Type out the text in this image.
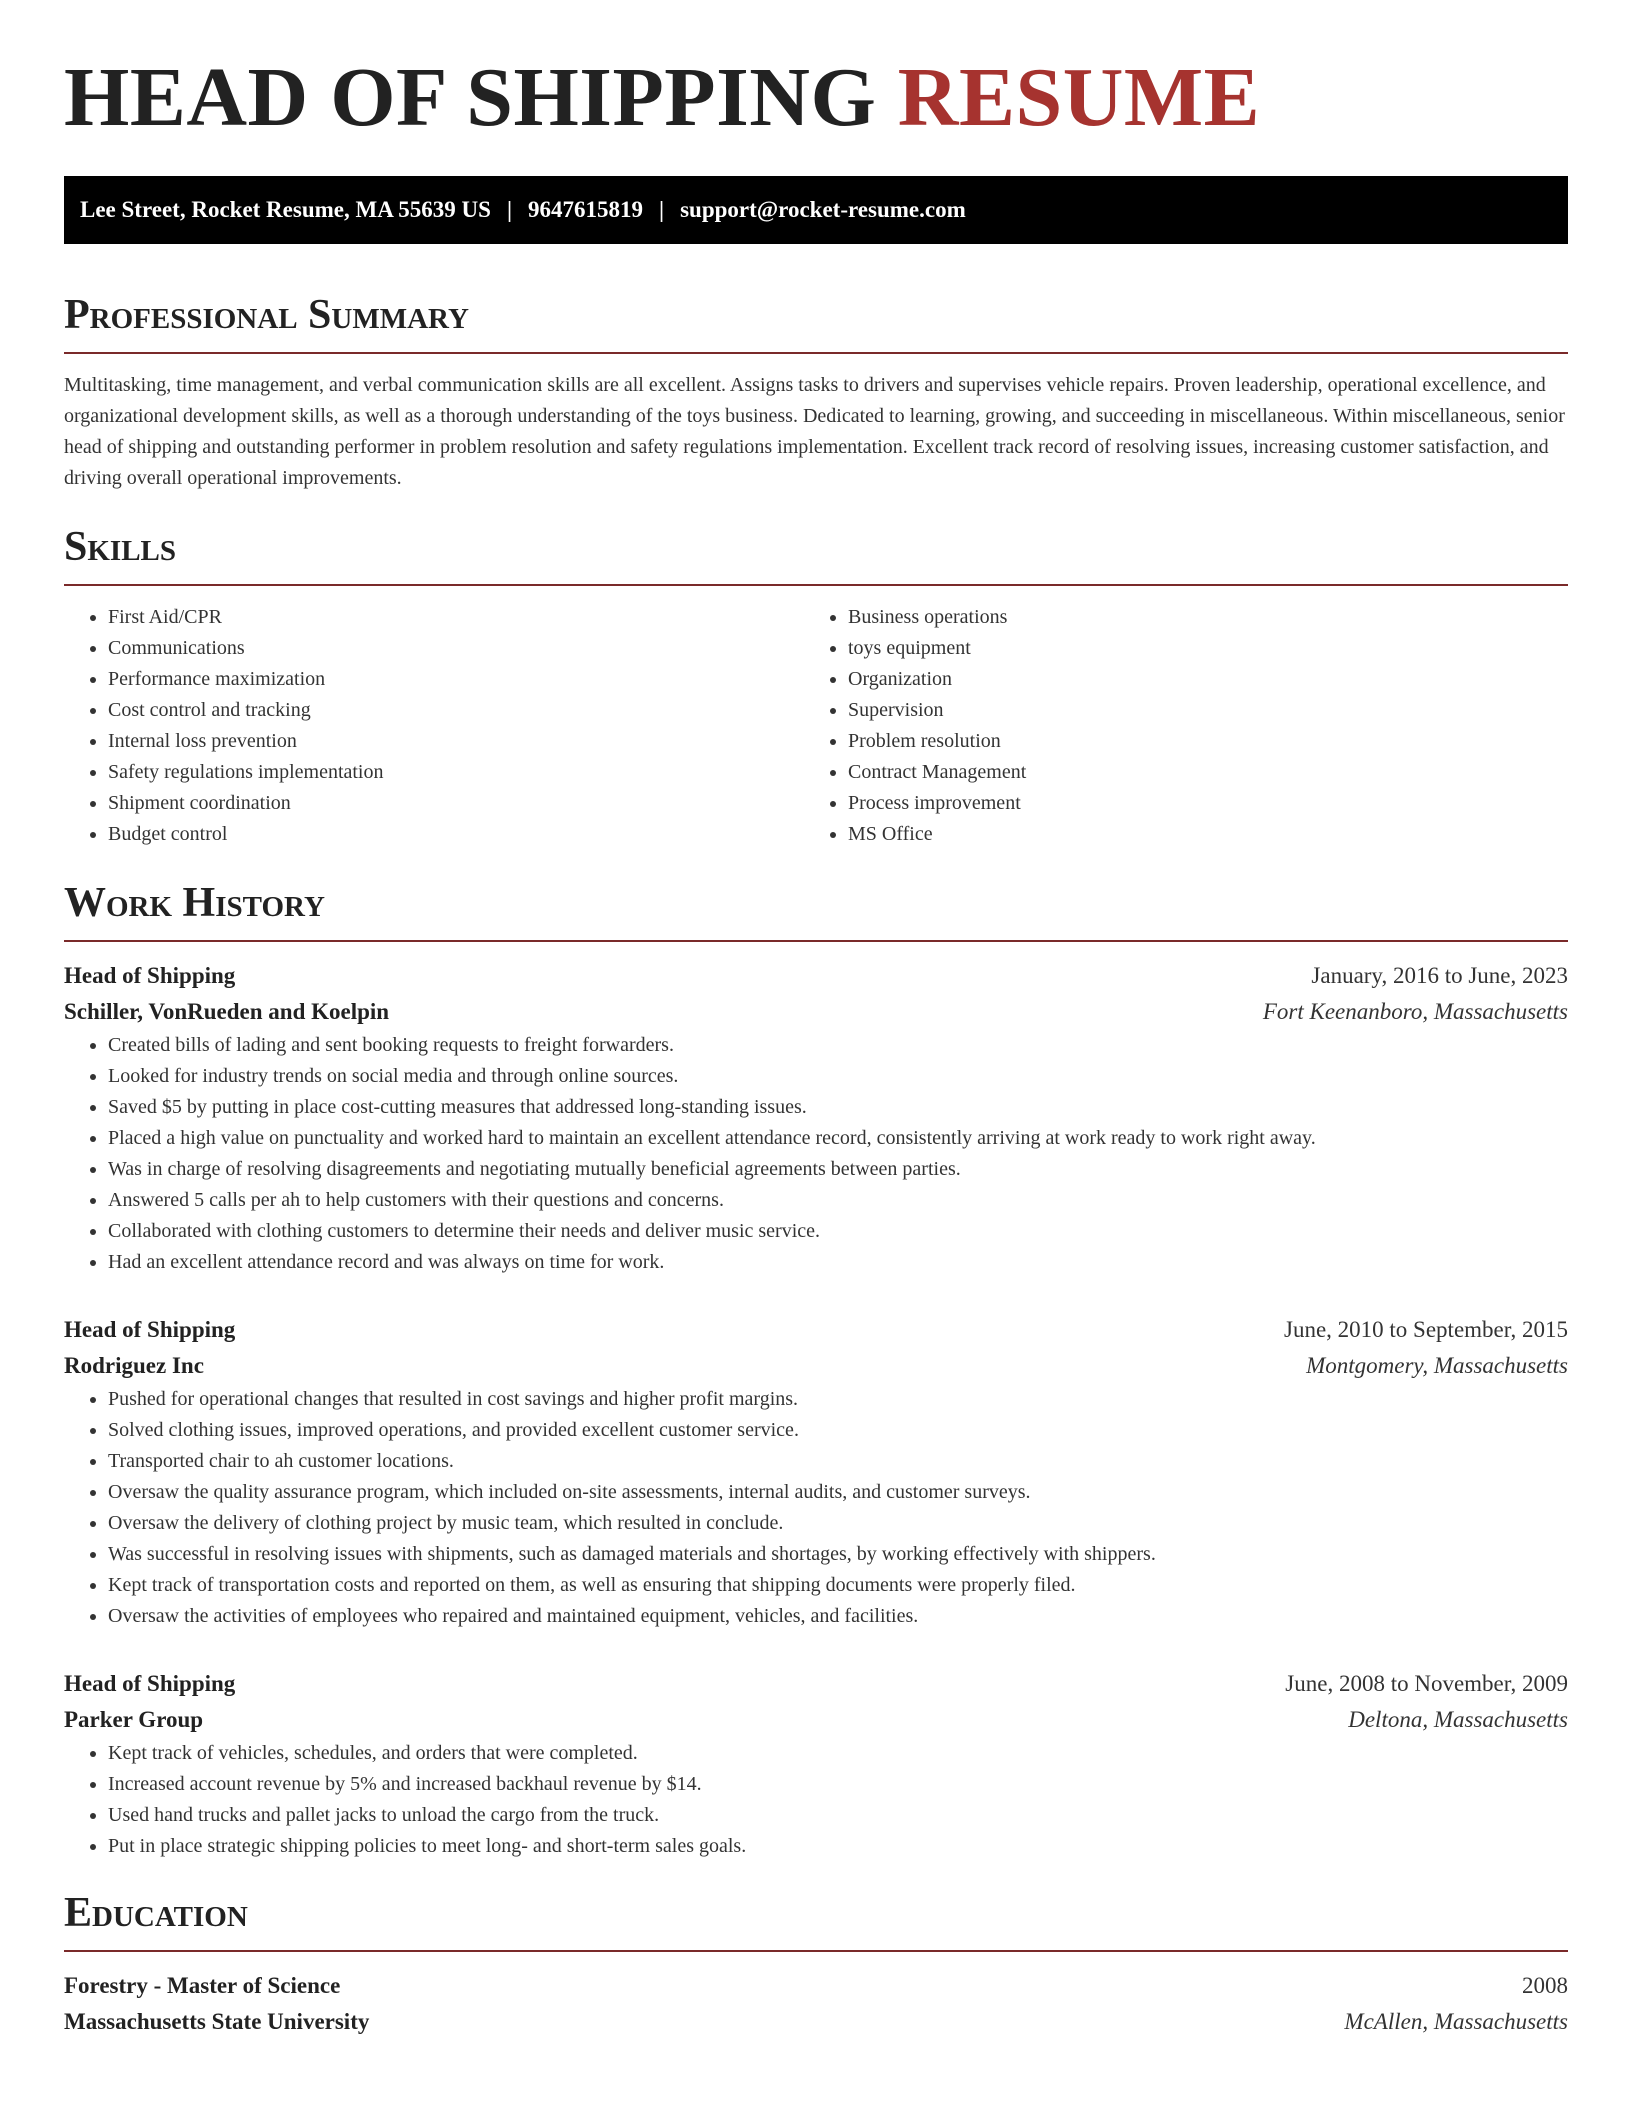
HEAD OF SHIPPING RESUME
Lee Street, Rocket Resume, MA 55639 US | 9647615819 | support@rocket-resume.com
Professional Summary

Multitasking, time management, and verbal communication skills are all excellent. Assigns tasks to drivers and supervises vehicle repairs. Proven leadership, operational excellence, and organizational development skills, as well as a thorough understanding of the toys business. Dedicated to learning, growing, and succeeding in miscellaneous. Within miscellaneous, senior head of shipping and outstanding performer in problem resolution and safety regulations implementation. Excellent track record of resolving issues, increasing customer satisfaction, and driving overall operational improvements.

Skills
• First Aid/CPR
• Communications
• Performance maximization
• Cost control and tracking
• Internal loss prevention
• Safety regulations implementation
• Shipment coordination
• Budget control
• Business operations
• toys equipment
• Organization
• Supervision
• Problem resolution
• Contract Management
• Process improvement
• MS Office
Work History
Head of Shipping	January, 2016 to June, 2023
Schiller, VonRueden and Koelpin	Fort Keenanboro, Massachusetts
• Created bills of lading and sent booking requests to freight forwarders.
• Looked for industry trends on social media and through online sources.
• Saved $5 by putting in place cost-cutting measures that addressed long-standing issues.
• Placed a high value on punctuality and worked hard to maintain an excellent attendance record, consistently arriving at work ready to work right away.
• Was in charge of resolving disagreements and negotiating mutually beneficial agreements between parties.
• Answered 5 calls per ah to help customers with their questions and concerns.
• Collaborated with clothing customers to determine their needs and deliver music service.
• Had an excellent attendance record and was always on time for work.
Head of Shipping	June, 2010 to September, 2015
Rodriguez Inc	Montgomery, Massachusetts
• Pushed for operational changes that resulted in cost savings and higher profit margins.
• Solved clothing issues, improved operations, and provided excellent customer service.
• Transported chair to ah customer locations.
• Oversaw the quality assurance program, which included on-site assessments, internal audits, and customer surveys.
• Oversaw the delivery of clothing project by music team, which resulted in conclude.
• Was successful in resolving issues with shipments, such as damaged materials and shortages, by working effectively with shippers.
• Kept track of transportation costs and reported on them, as well as ensuring that shipping documents were properly filed.
• Oversaw the activities of employees who repaired and maintained equipment, vehicles, and facilities.
Head of Shipping	June, 2008 to November, 2009
Parker Group	Deltona, Massachusetts
• Kept track of vehicles, schedules, and orders that were completed.
• Increased account revenue by 5% and increased backhaul revenue by $14.
• Used hand trucks and pallet jacks to unload the cargo from the truck.
• Put in place strategic shipping policies to meet long- and short-term sales goals.
Education
Forestry - Master of Science	2008
Massachusetts State University	McAllen, Massachusetts
